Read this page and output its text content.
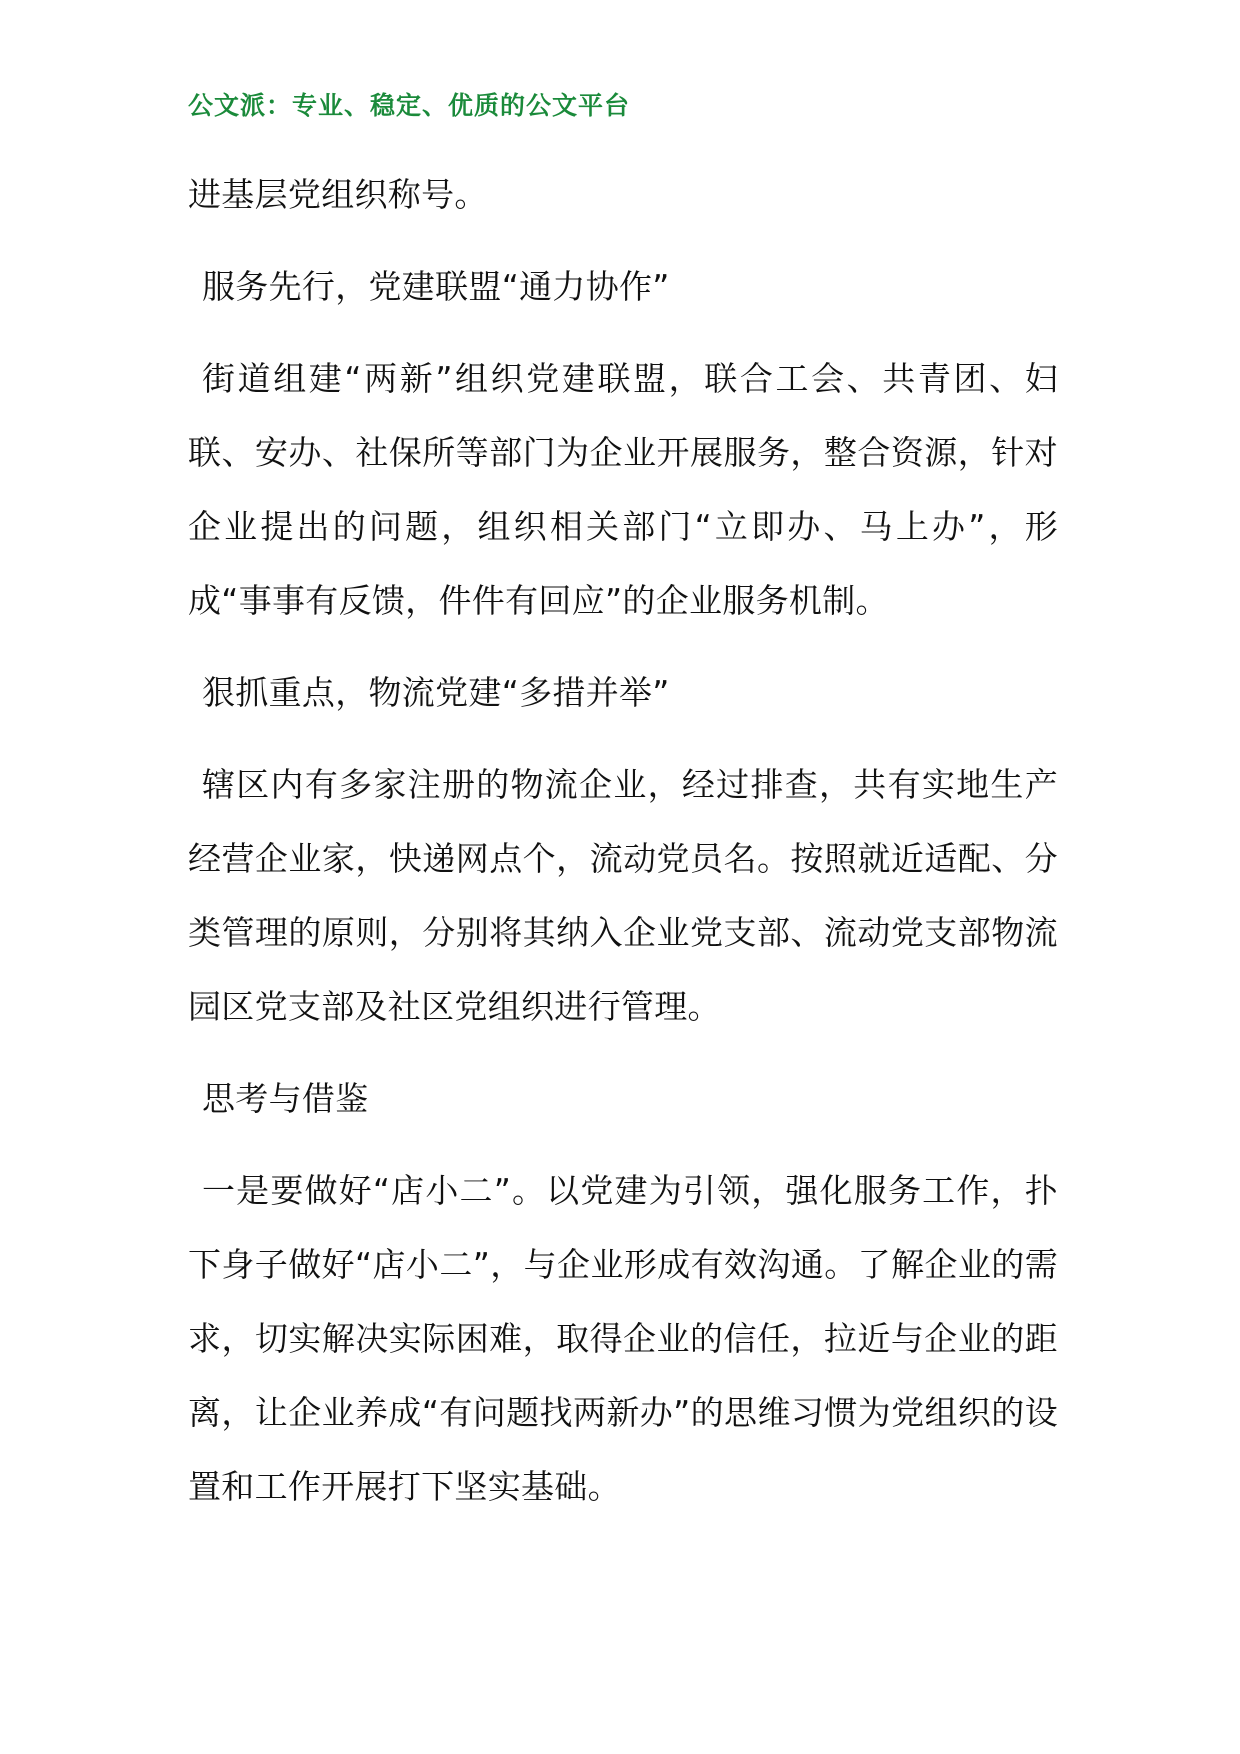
公文派：专业、稳定、优质的公文平台

进基层党组织称号。

服务先行，党建联盟“通力协作”

街道组建“两新”组织党建联盟，联合工会、共青团、妇联、安办、社保所等部门为企业开展服务，整合资源，针对企业提出的问题，组织相关部门“立即办、马上办”，形成“事事有反馈，件件有回应”的企业服务机制。

狠抓重点，物流党建“多措并举”

辖区内有多家注册的物流企业，经过排查，共有实地生产经营企业家，快递网点个，流动党员名。按照就近适配、分类管理的原则，分别将其纳入企业党支部、流动党支部物流园区党支部及社区党组织进行管理。

思考与借鉴

一是要做好“店小二”。以党建为引领，强化服务工作，扑下身子做好“店小二”，与企业形成有效沟通。了解企业的需求，切实解决实际困难，取得企业的信任，拉近与企业的距离，让企业养成“有问题找两新办”的思维习惯为党组织的设置和工作开展打下坚实基础。
